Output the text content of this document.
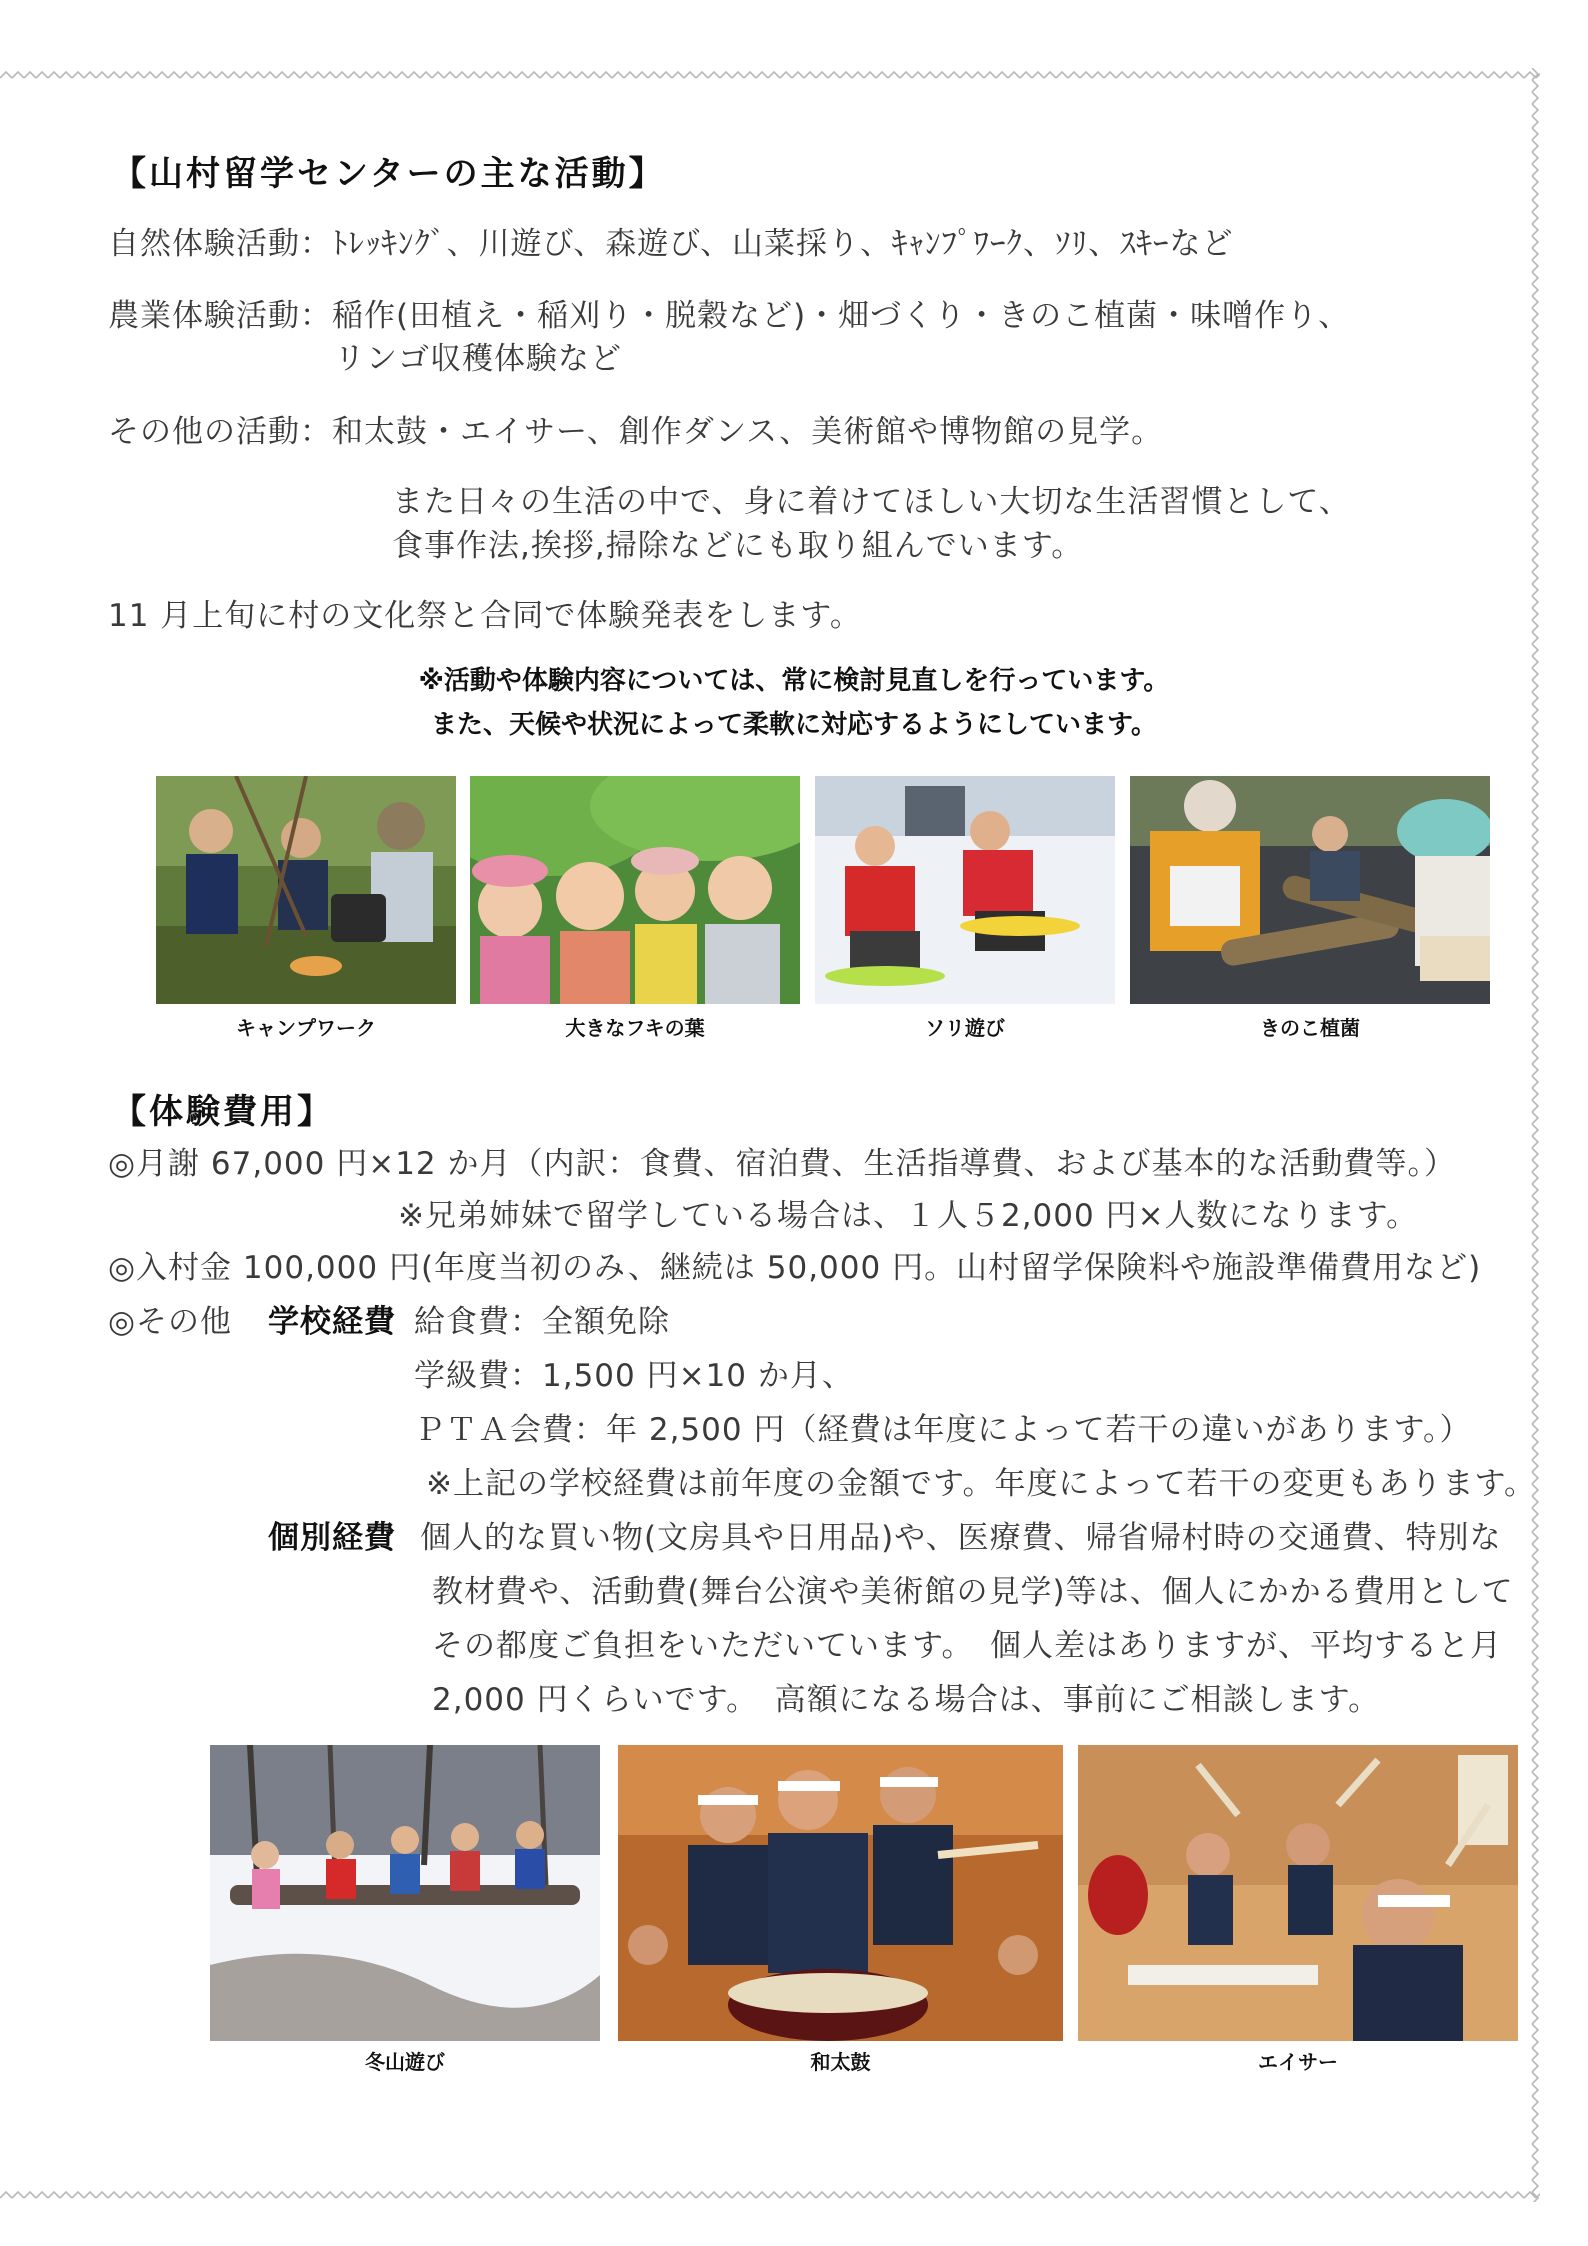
【山村留学センターの主な活動】
自然体験活動：ﾄﾚｯｷﾝｸﾞ、川遊び、森遊び、山菜採り、ｷｬﾝﾌﾟﾜｰｸ、ｿﾘ、ｽｷｰなど
農業体験活動：稲作(田植え・稲刈り・脱穀など)・畑づくり・きのこ植菌・味噌作り、
リンゴ収穫体験など
その他の活動：和太鼓・エイサー、創作ダンス、美術館や博物館の見学。
また日々の生活の中で、身に着けてほしい大切な生活習慣として、
食事作法,挨拶,掃除などにも取り組んでいます。
11 月上旬に村の文化祭と合同で体験発表をします。
※活動や体験内容については、常に検討見直しを行っています。
また、天候や状況によって柔軟に対応するようにしています。
キャンプワーク	大きなフキの葉	ソリ遊び	きのこ植菌
【体験費用】
◎月謝 67,000 円×12 か月（内訳：食費、宿泊費、生活指導費、および基本的な活動費等。）
※兄弟姉妹で留学している場合は、１人５2,000 円×人数になります。
◎入村金 100,000 円(年度当初のみ、継続は 50,000 円。山村留学保険料や施設準備費用など)
◎その他 学校経費 給食費：全額免除
学級費：1,500 円×10 か月、
ＰＴＡ会費：年 2,500 円（経費は年度によって若干の違いがあります。）
※上記の学校経費は前年度の金額です。年度によって若干の変更もあります。
個別経費 個人的な買い物(文房具や日用品)や、医療費、帰省帰村時の交通費、特別な
教材費や、活動費(舞台公演や美術館の見学)等は、個人にかかる費用として
その都度ご負担をいただいています。　個人差はありますが、平均すると月
2,000 円くらいです。　高額になる場合は、事前にご相談します。
冬山遊び	和太鼓	エイサー
